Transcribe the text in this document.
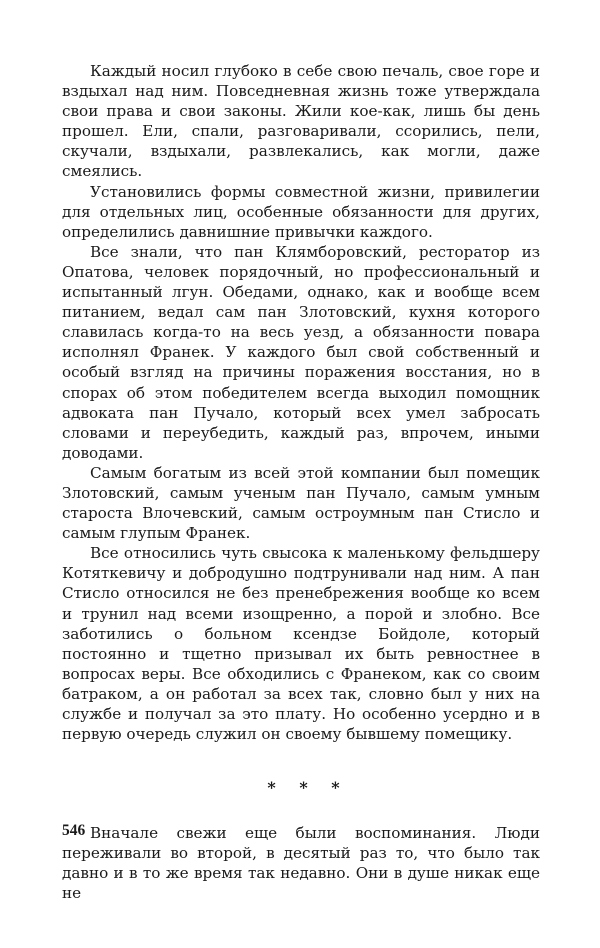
Каждый носил глубоко в себе свою печаль, свое горе и вздыхал над ним. Повседневная жизнь тоже утверждала свои права и свои законы. Жили кое-как, лишь бы день прошел. Ели, спали, разговаривали, ссорились, пели, скучали, вздыхали, развлекались, как могли, даже смеялись.

Установились формы совместной жизни, привилегии для отдельных лиц, особенные обязанности для других, определились давнишние привычки каждого.

Все знали, что пан Клямборовский, ресторатор из Опатова, человек порядочный, но профессиональный и испытанный лгун. Обедами, однако, как и вообще всем питанием, ведал сам пан Злотовский, кухня которого славилась когда-то на весь уезд, а обязанности повара исполнял Франек. У каждого был свой собственный и особый взгляд на причины поражения восстания, но в спорах об этом победителем всегда выходил помощник адвоката пан Пучало, который всех умел забросать словами и переубедить, каждый раз, впрочем, иными доводами.

Самым богатым из всей этой компании был помещик Злотовский, самым ученым пан Пучало, самым умным староста Влочевский, самым остроумным пан Стисло и самым глупым Франек.

Все относились чуть свысока к маленькому фельдшеру Котяткевичу и добродушно подтрунивали над ним. А пан Стисло относился не без пренебрежения вообще ко всем и трунил над всеми изощренно, а порой и злобно. Все заботились о больном ксендзе Бойдоле, который постоянно и тщетно призывал их быть ревностнее в вопросах веры. Все обходились с Франеком, как со своим батраком, а он работал за всех так, словно был у них на службе и получал за это плату. Но особенно усердно и в первую очередь служил он своему бывшему помещику.

* * *

Вначале свежи еще были воспоминания. Люди переживали во второй, в десятый раз то, что было так давно и в то же время так недавно. Они в душе никак еще не

546
